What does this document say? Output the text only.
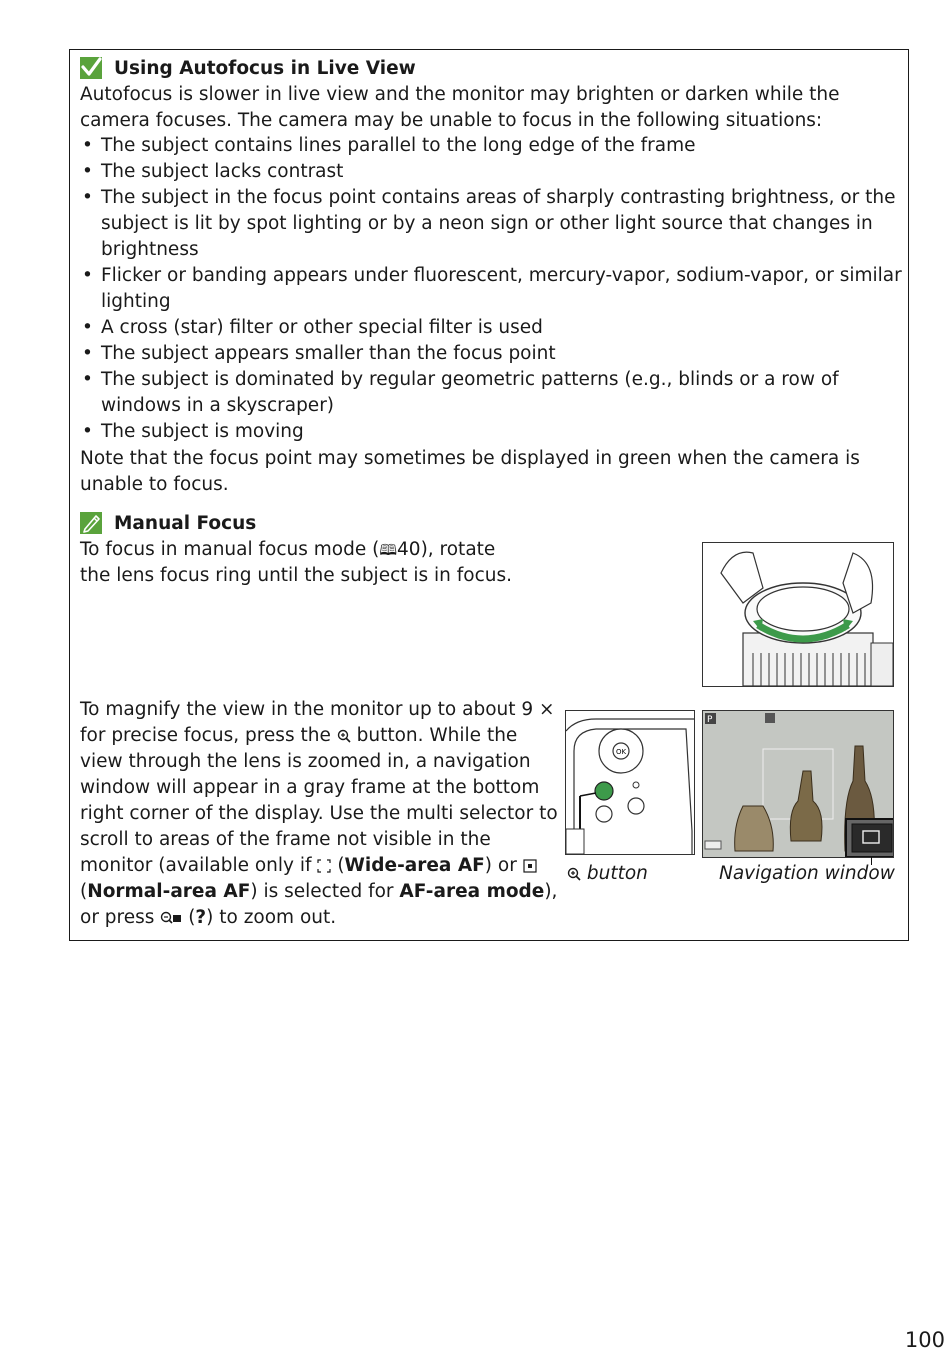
Using Autofocus in Live View
Autofocus is slower in live view and the monitor may brighten or darken while the camera focuses. The camera may be unable to focus in the following situations:
• The subject contains lines parallel to the long edge of the frame
• The subject lacks contrast
• The subject in the focus point contains areas of sharply contrasting brightness, or the subject is lit by spot lighting or by a neon sign or other light source that changes in brightness
• Flicker or banding appears under fluorescent, mercury-vapor, sodium-vapor, or similar lighting
• A cross (star) filter or other special filter is used
• The subject appears smaller than the focus point
• The subject is dominated by regular geometric patterns (e.g., blinds or a row of windows in a skyscraper)
• The subject is moving
Note that the focus point may sometimes be displayed in green when the camera is unable to focus.
Manual Focus
To focus in manual focus mode (🕮40), rotate the lens focus ring until the subject is in focus.
To magnify the view in the monitor up to about 9 ×
for precise focus, press the button. While the view through the lens is zoomed in, a navigation window will appear in a gray frame at the bottom right corner of the display. Use the multi selector to scroll to areas of the frame not visible in the monitor (available only if (Wide-area AF) or  (Normal-area AF) is selected for AF-area mode), or press (?) to zoom out.
OK
P
button	Navigation window
100
